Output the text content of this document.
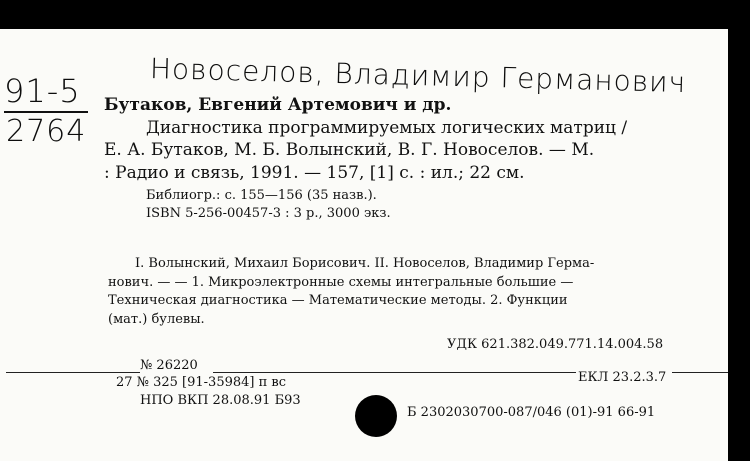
91-5
2764
Новоселов, Владимир Германович
Бутаков, Евгений Артемович и др.
Диагностика программируемых логических матриц /
Е. А. Бутаков, М. Б. Волынский, В. Г. Новоселов. — М.
: Радио и связь, 1991. — 157, [1] с. : ил.; 22 см.
Библиогр.: с. 155—156 (35 назв.).
ISBN 5-256-00457-3 : 3 р., 3000 экз.
I. Волынский, Михаил Борисович. II. Новоселов, Владимир Герма-
нович. — — 1. Микроэлектронные схемы интегральные большие —
Техническая диагностика — Математические методы. 2. Функции
(мат.) булевы.
УДК 621.382.049.771.14.004.58
№ 26220
ЕКЛ 23.2.3.7
27 № 325 [91-35984] п вс
НПО ВКП 28.08.91 Б93
Б 2302030700-087/046 (01)-91 66-91
